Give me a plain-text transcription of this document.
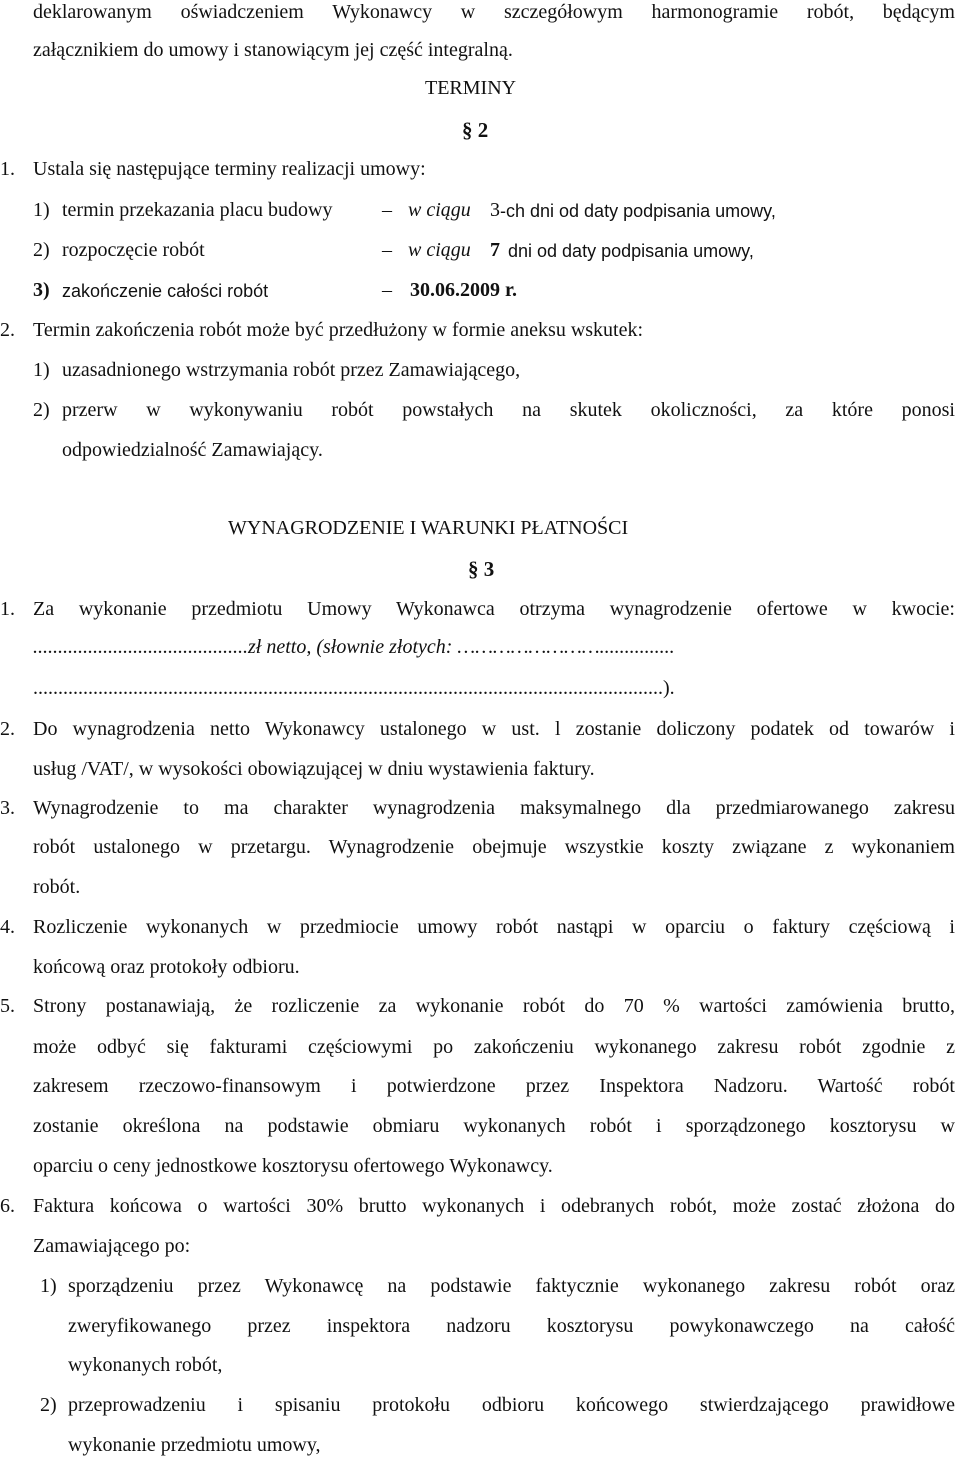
deklarowanym oświadczeniem Wykonawcy w szczegółowym harmonogramie robót, będącym
załącznikiem do umowy i stanowiącym jej część integralną.
TERMINY
§ 2
1. Ustala się następujące terminy realizacji umowy:
1) termin przekazania placu budowy – w ciągu 3 -ch dni od daty podpisania umowy,
2) rozpoczęcie robót	– w ciągu 7 dni od daty podpisania umowy,
3) zakończenie całości robót	– 30.06.2009 r.
2. Termin zakończenia robót może być przedłużony w formie aneksu wskutek:
1) uzasadnionego wstrzymania robót przez Zamawiającego,
2) przerw w wykonywaniu robót powstałych na skutek okoliczności, za które ponosi
odpowiedzialność Zamawiający.
WYNAGRODZENIE I WARUNKI PŁATNOŚCI
§ 3
1. Za wykonanie przedmiotu Umowy Wykonawca otrzyma wynagrodzenie ofertowe w kwocie:
...........................................zł netto, (słownie złotych: ……………………...............
..............................................................................................................................).
2. Do wynagrodzenia netto Wykonawcy ustalonego w ust. l zostanie doliczony podatek od towarów i
usług /VAT/, w wysokości obowiązującej w dniu wystawienia faktury.
3. Wynagrodzenie to ma charakter wynagrodzenia maksymalnego dla przedmiarowanego zakresu
robót ustalonego w przetargu. Wynagrodzenie obejmuje wszystkie koszty związane z wykonaniem
robót.
4. Rozliczenie wykonanych w przedmiocie umowy robót nastąpi w oparciu o faktury częściową i
końcową oraz protokoły odbioru.
5. Strony postanawiają, że rozliczenie za wykonanie robót do 70 % wartości zamówienia brutto,
może odbyć się fakturami częściowymi po zakończeniu wykonanego zakresu robót zgodnie z
zakresem rzeczowo-finansowym i potwierdzone przez Inspektora Nadzoru. Wartość robót
zostanie określona na podstawie obmiaru wykonanych robót i sporządzonego kosztorysu w
oparciu o ceny jednostkowe kosztorysu ofertowego Wykonawcy.
6. Faktura końcowa o wartości 30% brutto wykonanych i odebranych robót, może zostać złożona do
Zamawiającego po:
1) sporządzeniu przez Wykonawcę na podstawie faktycznie wykonanego zakresu robót oraz
zweryfikowanego przez inspektora nadzoru kosztorysu powykonawczego na całość
wykonanych robót,
2) przeprowadzeniu i spisaniu protokołu odbioru końcowego stwierdzającego prawidłowe
wykonanie przedmiotu umowy,
